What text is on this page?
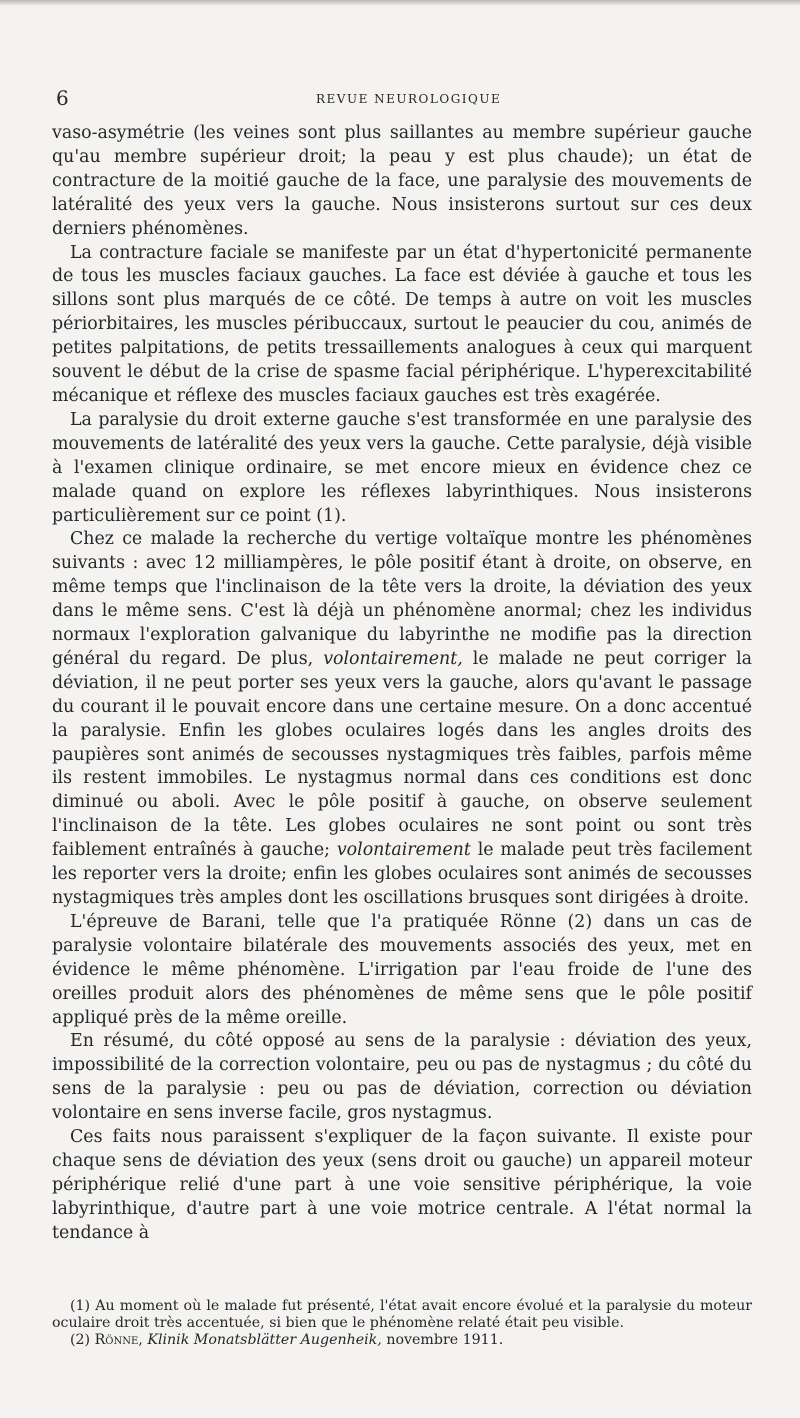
6	REVUE NEUROLOGIQUE

vaso-asymétrie (les veines sont plus saillantes au membre supérieur gauche qu'au membre supérieur droit; la peau y est plus chaude); un état de contracture de la moitié gauche de la face, une paralysie des mouvements de latéralité des yeux vers la gauche. Nous insisterons surtout sur ces deux derniers phénomènes.

La contracture faciale se manifeste par un état d'hypertonicité permanente de tous les muscles faciaux gauches. La face est déviée à gauche et tous les sillons sont plus marqués de ce côté. De temps à autre on voit les muscles périorbitaires, les muscles péribuccaux, surtout le peaucier du cou, animés de petites palpitations, de petits tressaillements analogues à ceux qui marquent souvent le début de la crise de spasme facial périphérique. L'hyperexcitabilité mécanique et réflexe des muscles faciaux gauches est très exagérée.

La paralysie du droit externe gauche s'est transformée en une paralysie des mouvements de latéralité des yeux vers la gauche. Cette paralysie, déjà visible à l'examen clinique ordinaire, se met encore mieux en évidence chez ce malade quand on explore les réflexes labyrinthiques. Nous insisterons particulièrement sur ce point (1).

Chez ce malade la recherche du vertige voltaïque montre les phénomènes suivants : avec 12 milliampères, le pôle positif étant à droite, on observe, en même temps que l'inclinaison de la tête vers la droite, la déviation des yeux dans le même sens. C'est là déjà un phénomène anormal; chez les individus normaux l'exploration galvanique du labyrinthe ne modifie pas la direction général du regard. De plus, volontairement, le malade ne peut corriger la déviation, il ne peut porter ses yeux vers la gauche, alors qu'avant le passage du courant il le pouvait encore dans une certaine mesure. On a donc accentué la paralysie. Enfin les globes oculaires logés dans les angles droits des paupières sont animés de secousses nystagmiques très faibles, parfois même ils restent immobiles. Le nystagmus normal dans ces conditions est donc diminué ou aboli. Avec le pôle positif à gauche, on observe seulement l'inclinaison de la tête. Les globes oculaires ne sont point ou sont très faiblement entraînés à gauche; volontairement le malade peut très facilement les reporter vers la droite; enfin les globes oculaires sont animés de secousses nystagmiques très amples dont les oscillations brusques sont dirigées à droite.

L'épreuve de Barani, telle que l'a pratiquée Rönne (2) dans un cas de paralysie volontaire bilatérale des mouvements associés des yeux, met en évidence le même phénomène. L'irrigation par l'eau froide de l'une des oreilles produit alors des phénomènes de même sens que le pôle positif appliqué près de la même oreille.

En résumé, du côté opposé au sens de la paralysie : déviation des yeux, impossibilité de la correction volontaire, peu ou pas de nystagmus ; du côté du sens de la paralysie : peu ou pas de déviation, correction ou déviation volontaire en sens inverse facile, gros nystagmus.

Ces faits nous paraissent s'expliquer de la façon suivante. Il existe pour chaque sens de déviation des yeux (sens droit ou gauche) un appareil moteur périphérique relié d'une part à une voie sensitive périphérique, la voie labyrinthique, d'autre part à une voie motrice centrale. A l'état normal la tendance à

(1) Au moment où le malade fut présenté, l'état avait encore évolué et la paralysie du moteur oculaire droit très accentuée, si bien que le phénomène relaté était peu visible.

(2) Rönne, Klinik Monatsblätter Augenheik, novembre 1911.
